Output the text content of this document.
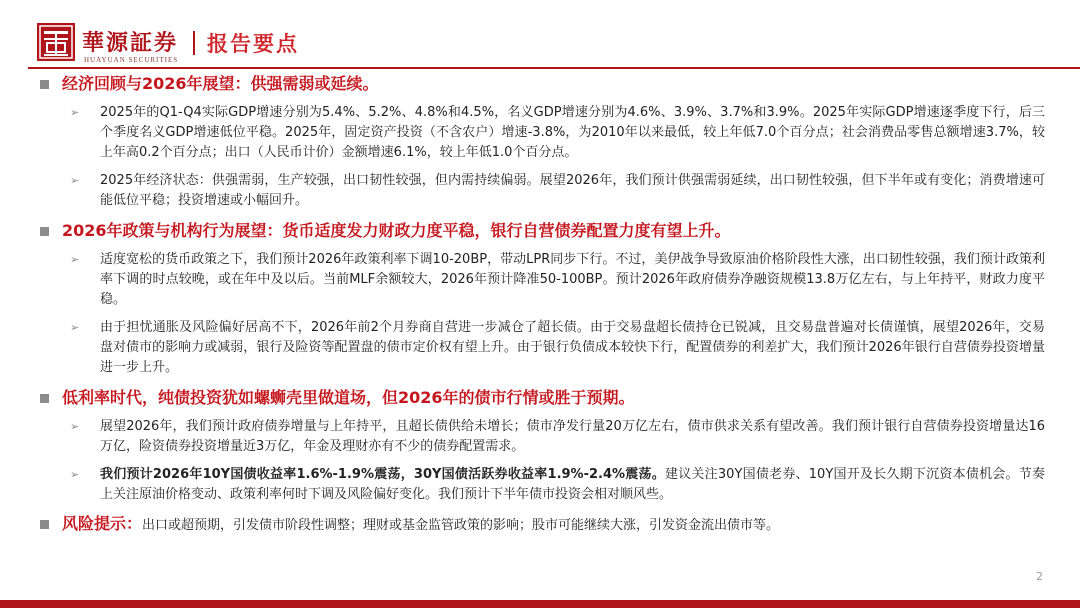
華源証券
HUAYUAN SECURITIES
报告要点
经济回顾与2026年展望：供强需弱或延续。
➢	2025年的Q1-Q4实际GDP增速分别为5.4%、5.2%、4.8%和4.5%，名义GDP增速分别为4.6%、3.9%、3.7%和3.9%。2025年实际GDP增速逐季度下行，后三个季度名义GDP增速低位平稳。2025年，固定资产投资（不含农户）增速-3.8%，为2010年以来最低，较上年低7.0个百分点；社会消费品零售总额增速3.7%，较上年高0.2个百分点；出口（人民币计价）金额增速6.1%，较上年低1.0个百分点。
➢	2025年经济状态：供强需弱，生产较强，出口韧性较强，但内需持续偏弱。展望2026年，我们预计供强需弱延续，出口韧性较强，但下半年或有变化；消费增速可能低位平稳；投资增速或小幅回升。
2026年政策与机构行为展望：货币适度发力财政力度平稳，银行自营债券配置力度有望上升。
➢	适度宽松的货币政策之下，我们预计2026年政策利率下调10-20BP，带动LPR同步下行。不过，美伊战争导致原油价格阶段性大涨，出口韧性较强，我们预计政策利率下调的时点较晚，或在年中及以后。当前MLF余额较大，2026年预计降准50-100BP。预计2026年政府债券净融资规模13.8万亿左右，与上年持平，财政力度平稳。
➢	由于担忧通胀及风险偏好居高不下，2026年前2个月券商自营进一步减仓了超长债。由于交易盘超长债持仓已锐减，且交易盘普遍对长债谨慎，展望2026年，交易盘对债市的影响力或减弱，银行及险资等配置盘的债市定价权有望上升。由于银行负债成本较快下行，配置债券的利差扩大，我们预计2026年银行自营债券投资增量进一步上升。
低利率时代，纯债投资犹如螺蛳壳里做道场，但2026年的债市行情或胜于预期。
➢	展望2026年，我们预计政府债券增量与上年持平，且超长债供给未增长；债市净发行量20万亿左右，债市供求关系有望改善。我们预计银行自营债券投资增量达16万亿，险资债券投资增量近3万亿，年金及理财亦有不少的债券配置需求。
➢	我们预计2026年10Y国债收益率1.6%-1.9%震荡，30Y国债活跃券收益率1.9%-2.4%震荡。建议关注30Y国债老券、10Y国开及长久期下沉资本债机会。节奏上关注原油价格变动、政策利率何时下调及风险偏好变化。我们预计下半年债市投资会相对顺风些。
风险提示：出口或超预期，引发债市阶段性调整；理财或基金监管政策的影响；股市可能继续大涨，引发资金流出债市等。
2
